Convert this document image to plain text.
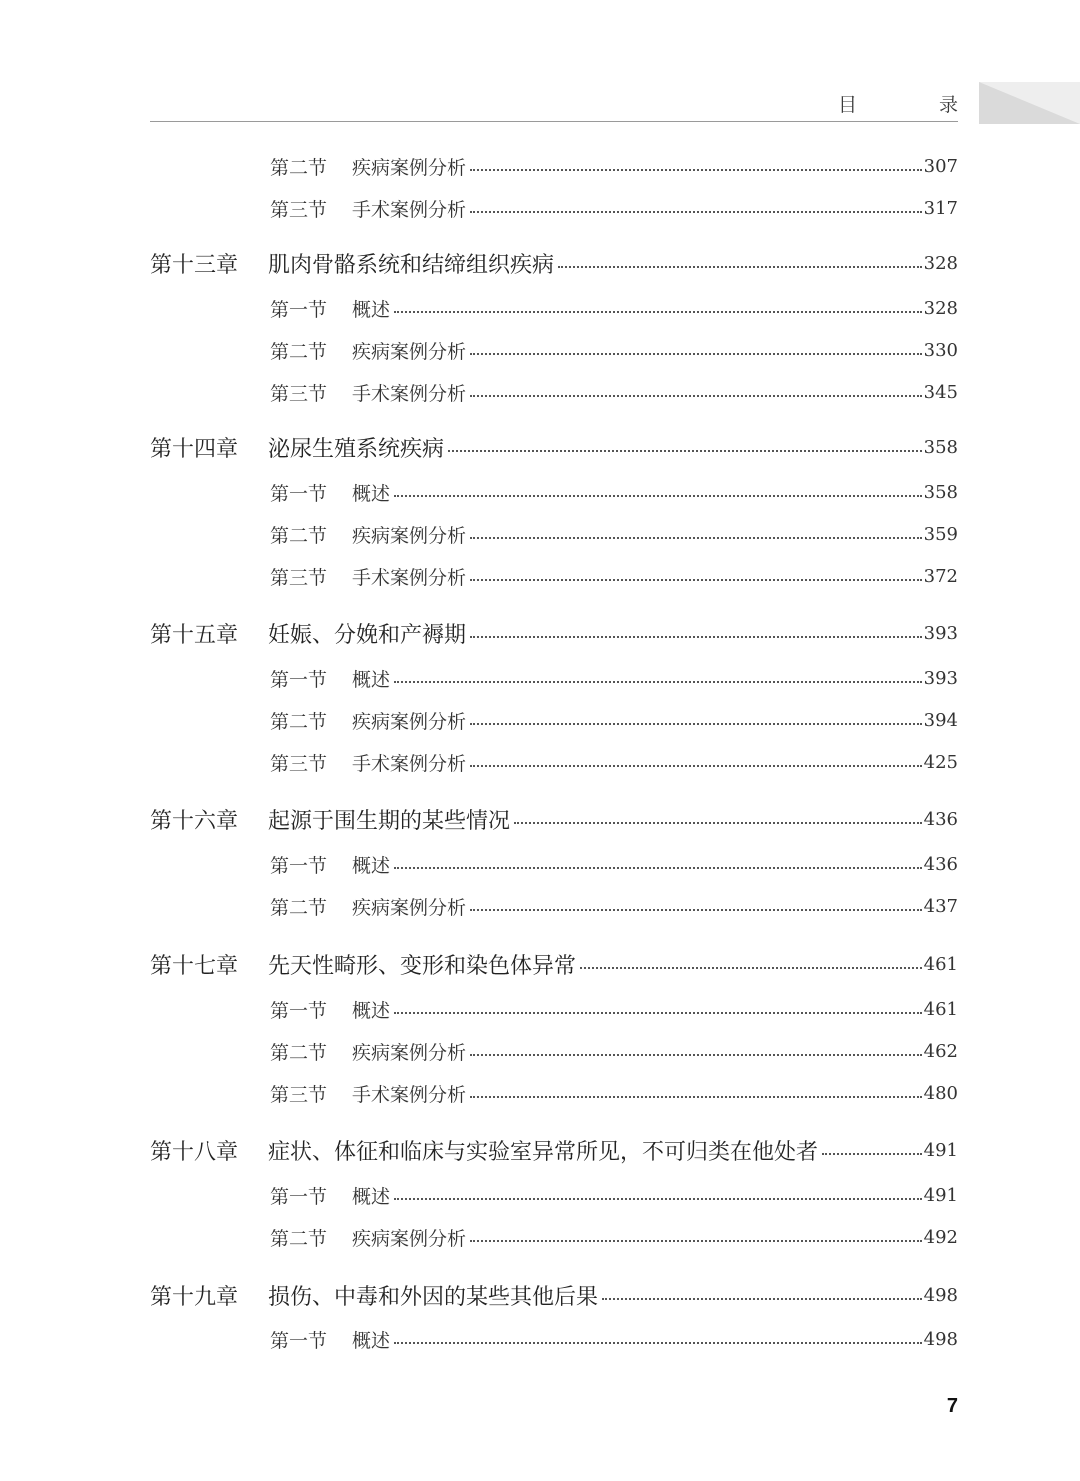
目 录
第二节	疾病案例分析	307
第三节	手术案例分析	317
第十三章	肌肉骨骼系统和结缔组织疾病	328
第一节	概述	328
第二节	疾病案例分析	330
第三节	手术案例分析	345
第十四章	泌尿生殖系统疾病	358
第一节	概述	358
第二节	疾病案例分析	359
第三节	手术案例分析	372
第十五章	妊娠、分娩和产褥期	393
第一节	概述	393
第二节	疾病案例分析	394
第三节	手术案例分析	425
第十六章	起源于围生期的某些情况	436
第一节	概述	436
第二节	疾病案例分析	437
第十七章	先天性畸形、变形和染色体异常	461
第一节	概述	461
第二节	疾病案例分析	462
第三节	手术案例分析	480
第十八章	症状、体征和临床与实验室异常所见，不可归类在他处者	491
第一节	概述	491
第二节	疾病案例分析	492
第十九章	损伤、中毒和外因的某些其他后果	498
第一节	概述	498
7
